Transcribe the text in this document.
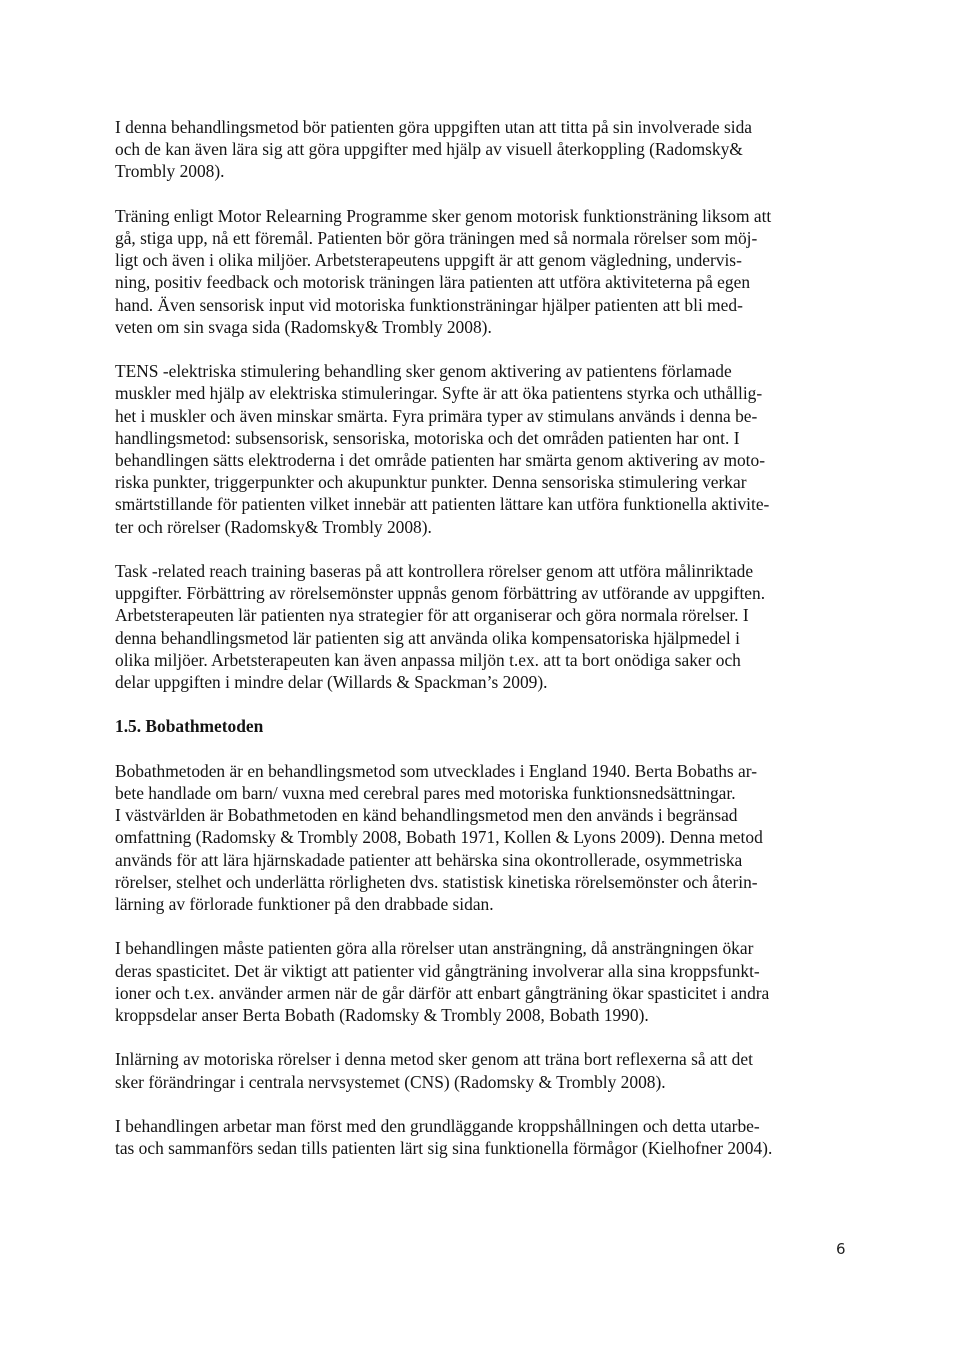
I denna behandlingsmetod bör patienten göra uppgiften utan att titta på sin involverade sida
och de kan även lära sig att göra uppgifter med hjälp av visuell återkoppling (Radomsky&
Trombly 2008).

Träning enligt Motor Relearning Programme sker genom motorisk funktionsträning liksom att
gå, stiga upp, nå ett föremål. Patienten bör göra träningen med så normala rörelser som möj-
ligt och även i olika miljöer. Arbetsterapeutens uppgift är att genom vägledning, undervis-
ning, positiv feedback och motorisk träningen lära patienten att utföra aktiviteterna på egen
hand. Även sensorisk input vid motoriska funktionsträningar hjälper patienten att bli med-
veten om sin svaga sida (Radomsky& Trombly 2008).

TENS -elektriska stimulering behandling sker genom aktivering av patientens förlamade
muskler med hjälp av elektriska stimuleringar. Syfte är att öka patientens styrka och uthållig-
het i muskler och även minskar smärta. Fyra primära typer av stimulans används i denna be-
handlingsmetod: subsensorisk, sensoriska, motoriska och det områden patienten har ont. I
behandlingen sätts elektroderna i det område patienten har smärta genom aktivering av moto-
riska punkter, triggerpunkter och akupunktur punkter. Denna sensoriska stimulering verkar
smärtstillande för patienten vilket innebär att patienten lättare kan utföra funktionella aktivite-
ter och rörelser (Radomsky& Trombly 2008).

Task -related reach training baseras på att kontrollera rörelser genom att utföra målinriktade
uppgifter. Förbättring av rörelsemönster uppnås genom förbättring av utförande av uppgiften.
Arbetsterapeuten lär patienten nya strategier för att organiserar och göra normala rörelser. I
denna behandlingsmetod lär patienten sig att använda olika kompensatoriska hjälpmedel i
olika miljöer. Arbetsterapeuten kan även anpassa miljön t.ex. att ta bort onödiga saker och
delar uppgiften i mindre delar (Willards & Spackman’s 2009).

1.5. Bobathmetoden

Bobathmetoden är en behandlingsmetod som utvecklades i England 1940. Berta Bobaths ar-
bete handlade om barn/ vuxna med cerebral pares med motoriska funktionsnedsättningar.
I västvärlden är Bobathmetoden en känd behandlingsmetod men den används i begränsad
omfattning (Radomsky & Trombly 2008, Bobath 1971, Kollen & Lyons 2009). Denna metod
används för att lära hjärnskadade patienter att behärska sina okontrollerade, osymmetriska
rörelser, stelhet och underlätta rörligheten dvs. statistisk kinetiska rörelsemönster och återin-
lärning av förlorade funktioner på den drabbade sidan.

I behandlingen måste patienten göra alla rörelser utan ansträngning, då ansträngningen ökar
deras spasticitet. Det är viktigt att patienter vid gångträning involverar alla sina kroppsfunkt-
ioner och t.ex. använder armen när de går därför att enbart gångträning ökar spasticitet i andra
kroppsdelar anser Berta Bobath (Radomsky & Trombly 2008, Bobath 1990).

Inlärning av motoriska rörelser i denna metod sker genom att träna bort reflexerna så att det
sker förändringar i centrala nervsystemet (CNS) (Radomsky & Trombly 2008).

I behandlingen arbetar man först med den grundläggande kroppshållningen och detta utarbe-
tas och sammanförs sedan tills patienten lärt sig sina funktionella förmågor (Kielhofner 2004).

6
